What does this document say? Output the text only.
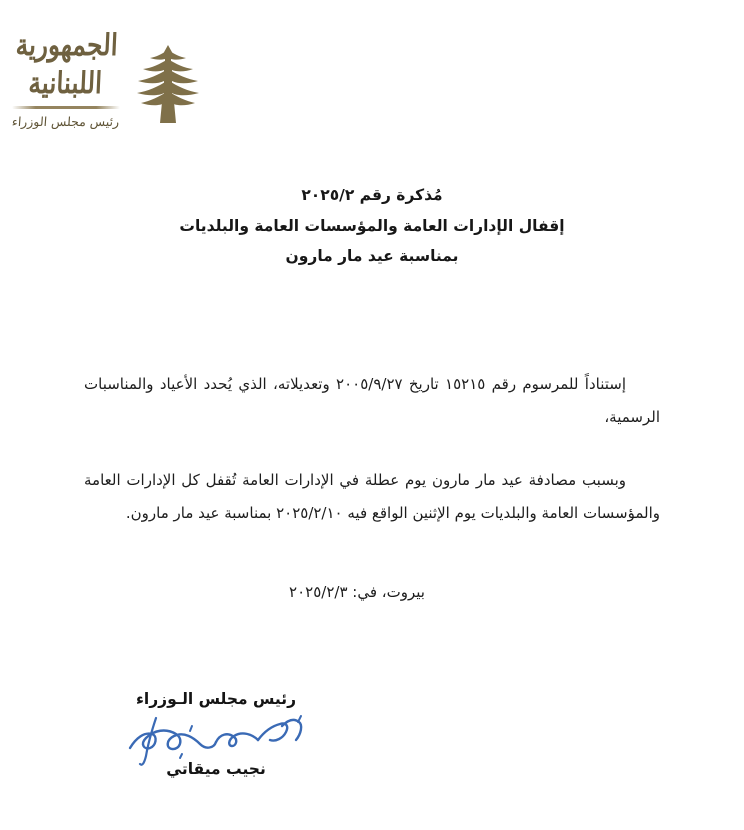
الجمهورية
اللبنانية
رئيس مجلس الوزراء
مُذكرة رقم ٢٠٢٥/٢
إقفال الإدارات العامة والمؤسسات العامة والبلديات
بمناسبة عيد مار مارون

إستناداً للمرسوم رقم ١٥٢١٥ تاريخ ٢٠٠٥/٩/٢٧ وتعديلاته، الذي يُحدد الأعياد والمناسبات الرسمية،

وبسبب مصادفة عيد مار مارون يوم عطلة في الإدارات العامة تُقفل كل الإدارات العامة والمؤسسات العامة والبلديات يوم الإثنين الواقع فيه ٢٠٢٥/٢/١٠ بمناسبة عيد مار مارون.

بيروت، في: ٢٠٢٥/٢/٣
رئيس مجلس الـوزراء
نجيب ميقاتي
